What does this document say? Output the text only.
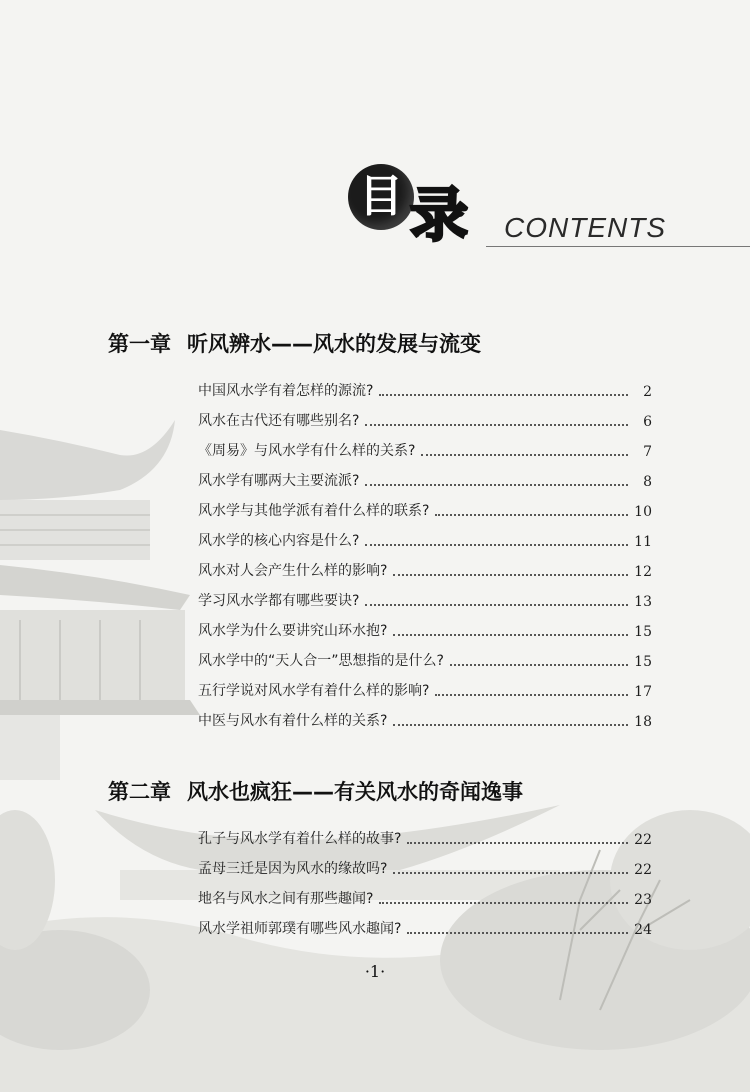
目 录 CONTENTS
第一章 听风辨水——风水的发展与流变
中国风水学有着怎样的源流?	2
风水在古代还有哪些别名?	6
《周易》与风水学有什么样的关系?	7
风水学有哪两大主要流派?	8
风水学与其他学派有着什么样的联系?	10
风水学的核心内容是什么?	11
风水对人会产生什么样的影响?	12
学习风水学都有哪些要诀?	13
风水学为什么要讲究山环水抱?	15
风水学中的“天人合一”思想指的是什么?	15
五行学说对风水学有着什么样的影响?	17
中医与风水有着什么样的关系?	18
第二章 风水也疯狂——有关风水的奇闻逸事
孔子与风水学有着什么样的故事?	22
孟母三迁是因为风水的缘故吗?	22
地名与风水之间有那些趣闻?	23
风水学祖师郭璞有哪些风水趣闻?	24
·1·
